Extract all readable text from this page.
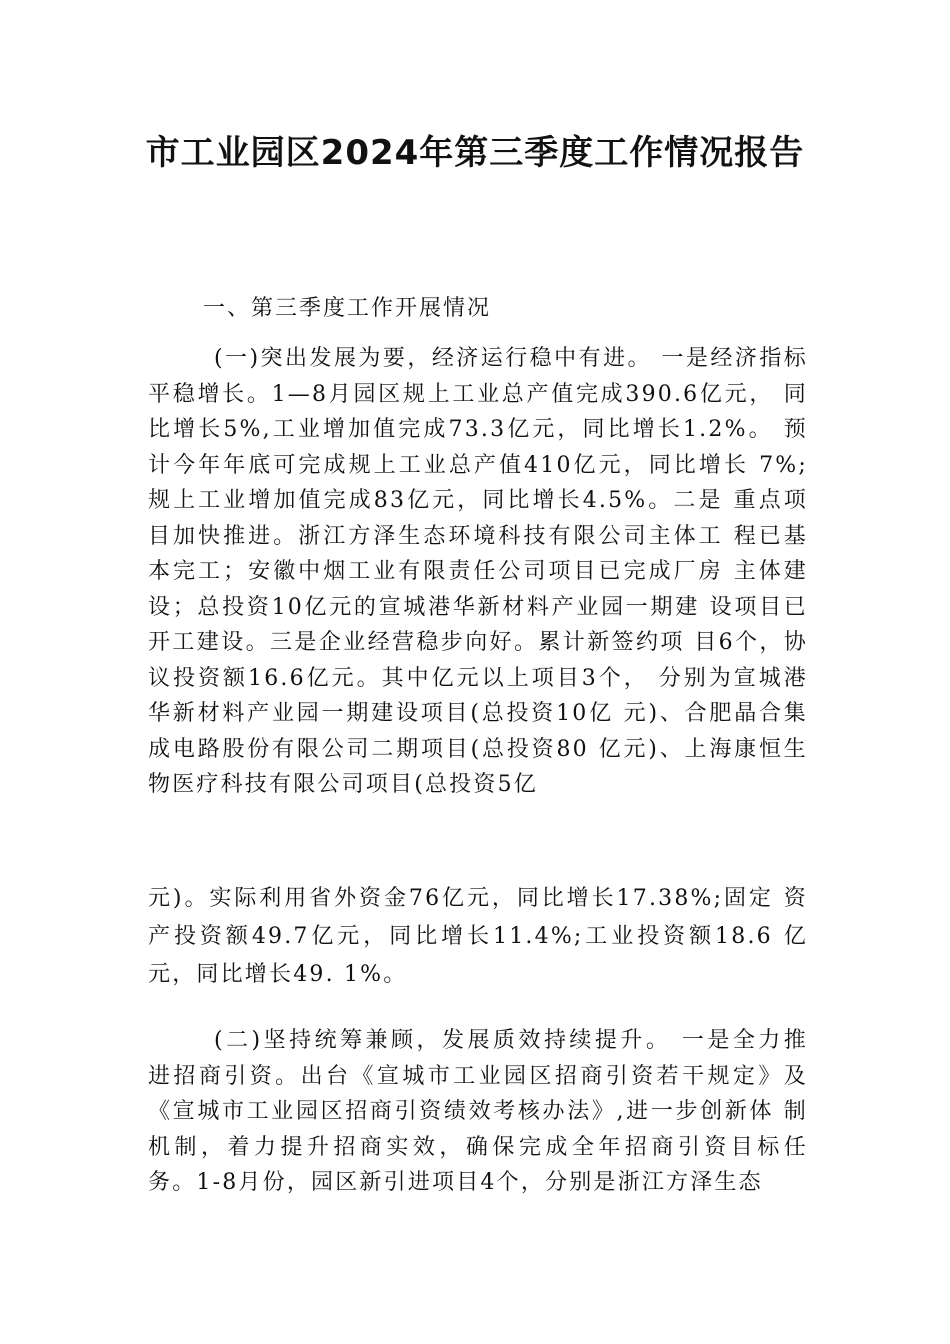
市工业园区2024年第三季度工作情况报告

一、第三季度工作开展情况

(一)突出发展为要，经济运行稳中有进。 一是经济指标平稳增长。1—8月园区规上工业总产值完成390.6亿元， 同比增长5%,工业增加值完成73.3亿元，同比增长1.2%。 预计今年年底可完成规上工业总产值410亿元，同比增长 7%;规上工业增加值完成83亿元，同比增长4.5%。二是 重点项目加快推进。浙江方泽生态环境科技有限公司主体工 程已基本完工；安徽中烟工业有限责任公司项目已完成厂房 主体建设；总投资10亿元的宣城港华新材料产业园一期建 设项目已开工建设。三是企业经营稳步向好。累计新签约项 目6个，协议投资额16.6亿元。其中亿元以上项目3个， 分别为宣城港华新材料产业园一期建设项目(总投资10亿 元)、合肥晶合集成电路股份有限公司二期项目(总投资80 亿元)、上海康恒生物医疗科技有限公司项目(总投资5亿

元)。实际利用省外资金76亿元，同比增长17.38%;固定 资产投资额49.7亿元，同比增长11.4%;工业投资额18.6 亿元，同比增长49. 1%。

(二)坚持统筹兼顾，发展质效持续提升。 一是全力推 进招商引资。出台《宣城市工业园区招商引资若干规定》及 《宣城市工业园区招商引资绩效考核办法》,进一步创新体 制机制，着力提升招商实效，确保完成全年招商引资目标任 务。1-8月份，园区新引进项目4个，分别是浙江方泽生态
